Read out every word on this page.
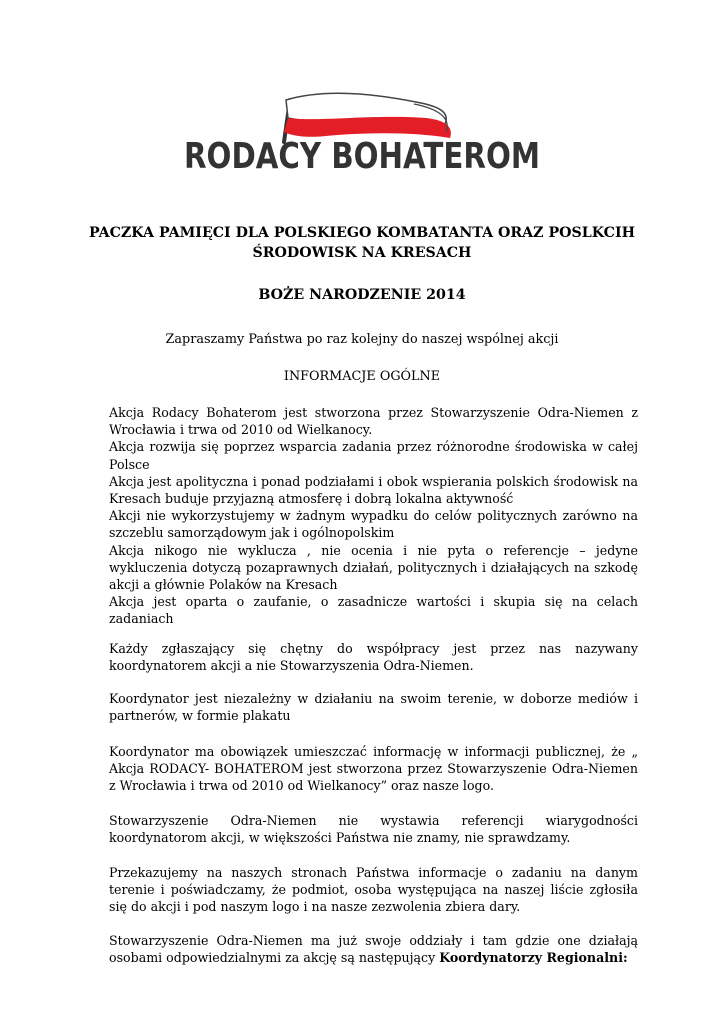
RODACY BOHATEROM
PACZKA PAMIĘCI DLA POLSKIEGO KOMBATANTA ORAZ POSLKCIH
ŚRODOWISK NA KRESACH
BOŻE NARODZENIE 2014
Zapraszamy Państwa po raz kolejny do naszej wspólnej akcji
INFORMACJE OGÓLNE

Akcja Rodacy Bohaterom jest stworzona przez Stowarzyszenie Odra-Niemen z Wrocławia i trwa od 2010 od Wielkanocy.

Akcja rozwija się poprzez wsparcia zadania przez różnorodne środowiska w całej Polsce

Akcja jest apolityczna i ponad podziałami i obok wspierania polskich środowisk na Kresach buduje przyjazną atmosferę i dobrą lokalna aktywność

Akcji nie wykorzystujemy w żadnym wypadku do celów politycznych zarówno na szczeblu samorządowym jak i ogólnopolskim

Akcja nikogo nie wyklucza , nie ocenia i nie pyta o referencje – jedyne wykluczenia dotyczą pozaprawnych działań, politycznych i działających na szkodę akcji a głównie Polaków na Kresach

Akcja jest oparta o zaufanie, o zasadnicze wartości i skupia się na celach zadaniach

Każdy zgłaszający się chętny do współpracy jest przez nas nazywany koordynatorem akcji a nie Stowarzyszenia Odra-Niemen.
Koordynator jest niezależny w działaniu na swoim terenie, w doborze mediów i partnerów, w formie plakatu
Koordynator ma obowiązek umieszczać informację w informacji publicznej, że „ Akcja RODACY- BOHATEROM jest stworzona przez Stowarzyszenie Odra-Niemen z Wrocławia i trwa od 2010 od Wielkanocy” oraz nasze logo.
Stowarzyszenie Odra-Niemen nie wystawia referencji wiarygodności koordynatorom akcji, w większości Państwa nie znamy, nie sprawdzamy.
Przekazujemy na naszych stronach Państwa informacje o zadaniu na danym terenie i poświadczamy, że podmiot, osoba występująca na naszej liście zgłosiła się do akcji i pod naszym logo i na nasze zezwolenia zbiera dary.
Stowarzyszenie Odra-Niemen ma już swoje oddziały i tam gdzie one działają osobami odpowiedzialnymi za akcję są następujący Koordynatorzy Regionalni:
